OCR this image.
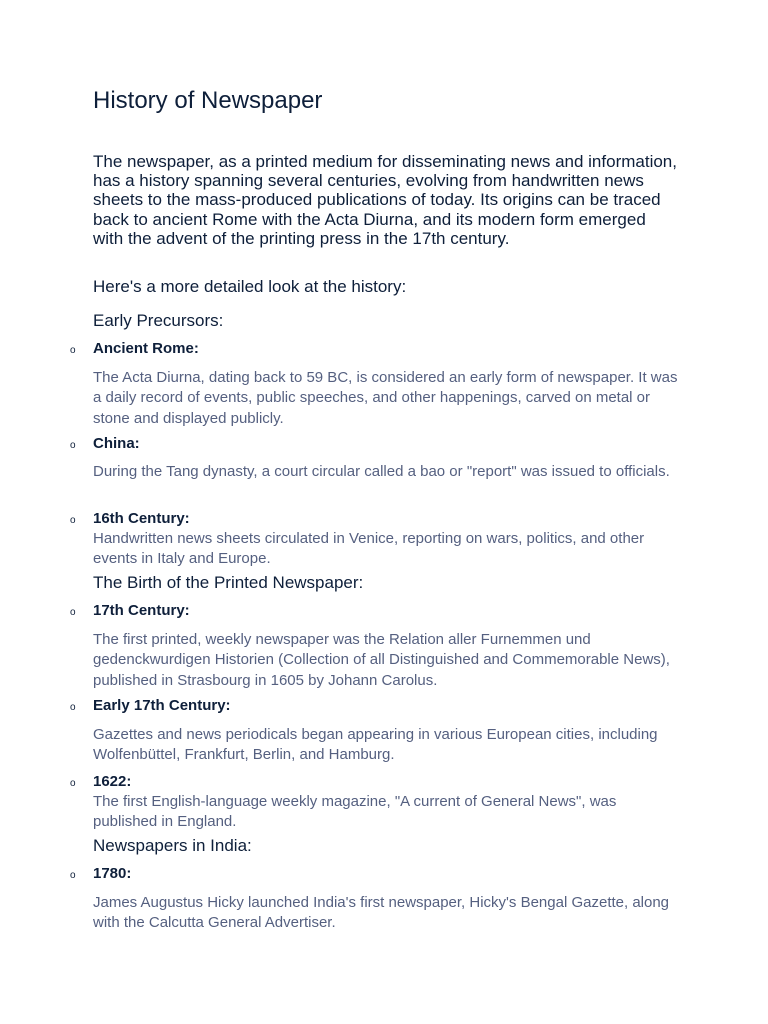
History of Newspaper

The newspaper, as a printed medium for disseminating news and information, has a history spanning several centuries, evolving from handwritten news sheets to the mass-produced publications of today. Its origins can be traced back to ancient Rome with the Acta Diurna, and its modern form emerged with the advent of the printing press in the 17th century.

Here's a more detailed look at the history:

Early Precursors:
o Ancient Rome:

The Acta Diurna, dating back to 59 BC, is considered an early form of newspaper. It was a daily record of events, public speeches, and other happenings, carved on metal or stone and displayed publicly.

o China:

During the Tang dynasty, a court circular called a bao or "report" was issued to officials.

o 16th Century:

Handwritten news sheets circulated in Venice, reporting on wars, politics, and other events in Italy and Europe.

The Birth of the Printed Newspaper:
o 17th Century:

The first printed, weekly newspaper was the Relation aller Furnemmen und gedenckwurdigen Historien (Collection of all Distinguished and Commemorable News), published in Strasbourg in 1605 by Johann Carolus.

o Early 17th Century:

Gazettes and news periodicals began appearing in various European cities, including Wolfenbüttel, Frankfurt, Berlin, and Hamburg.

o 1622:

The first English-language weekly magazine, "A current of General News", was published in England.

Newspapers in India:
o 1780:

James Augustus Hicky launched India's first newspaper, Hicky's Bengal Gazette, along with the Calcutta General Advertiser.
